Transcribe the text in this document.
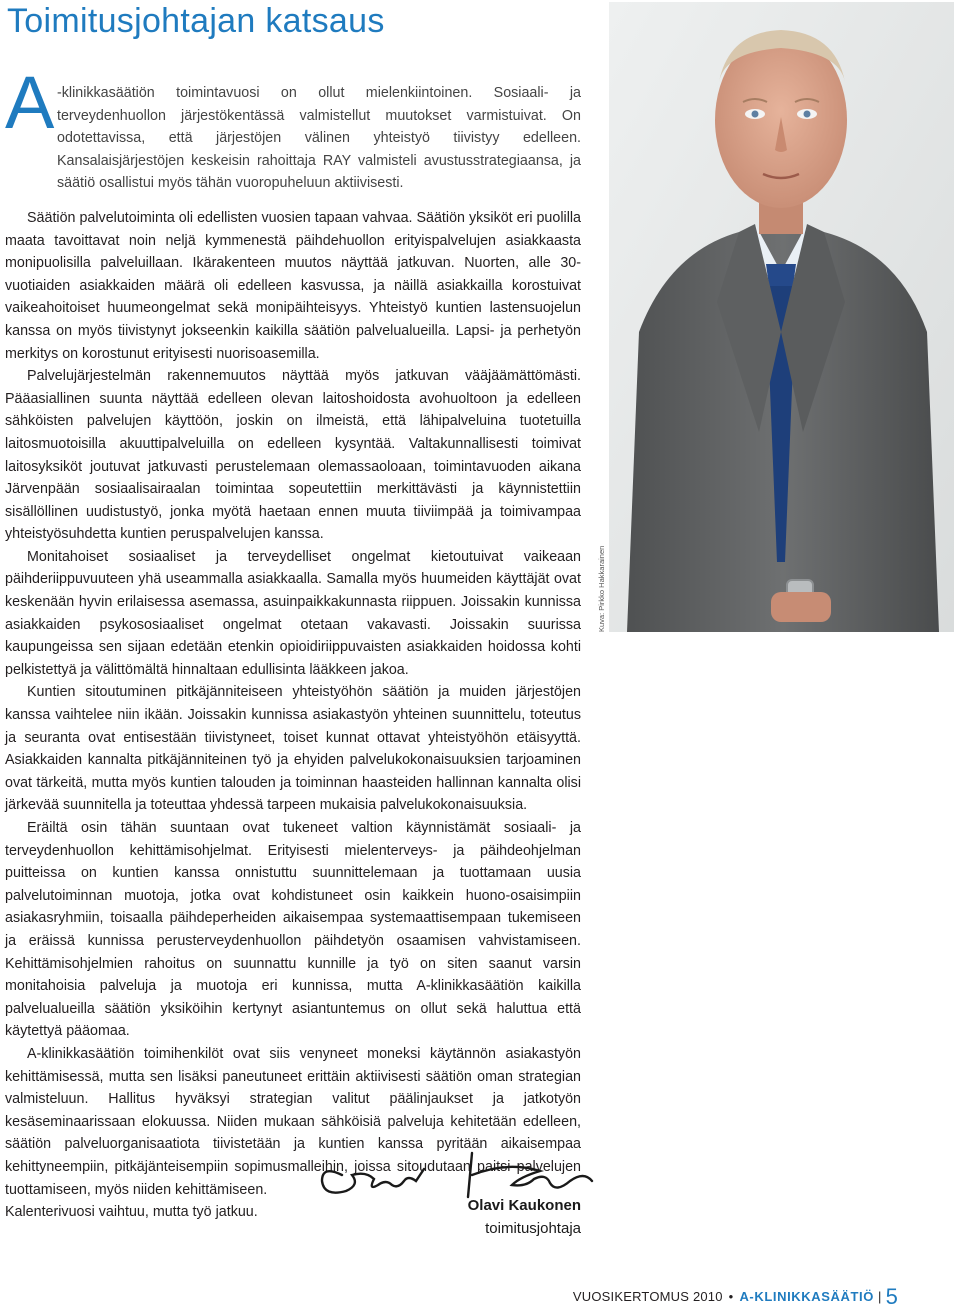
Toimitusjohtajan katsaus
A -klinikkasäätiön toimintavuosi on ollut mielenkiintoinen. Sosiaali- ja terveydenhuollon järjestökentässä valmistellut muutokset varmistuivat. On odotettavissa, että järjestöjen välinen yhteistyö tiivistyy edelleen. Kansalaisjärjestöjen keskeisin rahoittaja RAY valmisteli avustusstrategiaansa, ja säätiö osallistui myös tähän vuoropuheluun aktiivisesti.

Säätiön palvelutoiminta oli edellisten vuosien tapaan vahvaa. Säätiön yksiköt eri puolilla maata tavoittavat noin neljä kymmenestä päihdehuollon erityispalvelujen asiakkaasta monipuolisilla palveluillaan. Ikärakenteen muutos näyttää jatkuvan. Nuorten, alle 30-vuotiaiden asiakkaiden määrä oli edelleen kasvussa, ja näillä asiakkailla korostuivat vaikeahoitoiset huumeongelmat sekä monipäihteisyys. Yhteistyö kuntien lastensuojelun kanssa on myös tiivistynyt jokseenkin kaikilla säätiön palvelualueilla. Lapsi- ja perhetyön merkitys on korostunut erityisesti nuorisoasemilla.

Palvelujärjestelmän rakennemuutos näyttää myös jatkuvan vääjäämättömästi. Pääasiallinen suunta näyttää edelleen olevan laitoshoidosta avohuoltoon ja edelleen sähköisten palvelujen käyttöön, joskin on ilmeistä, että lähipalveluina tuotetuilla laitosmuotoisilla akuuttipalveluilla on edelleen kysyntää. Valtakunnallisesti toimivat laitosyksiköt joutuvat jatkuvasti perustelemaan olemassaoloaan, toimintavuoden aikana Järvenpään sosiaalisairaalan toimintaa sopeutettiin merkittävästi ja käynnistettiin sisällöllinen uudistustyö, jonka myötä haetaan ennen muuta tiiviimpää ja toimivampaa yhteistyösuhdetta kuntien peruspalvelujen kanssa.

Monitahoiset sosiaaliset ja terveydelliset ongelmat kietoutuivat vaikeaan päihderiippuvuuteen yhä useammalla asiakkaalla. Samalla myös huumeiden käyttäjät ovat keskenään hyvin erilaisessa asemassa, asuinpaikkakunnasta riippuen. Joissakin kunnissa asiakkaiden psykososiaaliset ongelmat otetaan vakavasti. Joissakin suurissa kaupungeissa sen sijaan edetään etenkin opioidiriippuvaisten asiakkaiden hoidossa kohti pelkistettyä ja välittömältä hinnaltaan edullisinta lääkkeen jakoa.

Kuntien sitoutuminen pitkäjänniteiseen yhteistyöhön säätiön ja muiden järjestöjen kanssa vaihtelee niin ikään. Joissakin kunnissa asiakastyön yhteinen suunnittelu, toteutus ja seuranta ovat entisestään tiivistyneet, toiset kunnat ottavat yhteistyöhön etäisyyttä. Asiakkaiden kannalta pitkäjänniteinen työ ja ehyiden palvelukokonaisuuksien tarjoaminen ovat tärkeitä, mutta myös kuntien talouden ja toiminnan haasteiden hallinnan kannalta olisi järkevää suunnitella ja toteuttaa yhdessä tarpeen mukaisia palvelukokonaisuuksia.

Eräiltä osin tähän suuntaan ovat tukeneet valtion käynnistämät sosiaali- ja terveydenhuollon kehittämisohjelmat. Erityisesti mielenterveys- ja päihdeohjelman puitteissa on kuntien kanssa onnistuttu suunnittelemaan ja tuottamaan uusia palvelutoiminnan muotoja, jotka ovat kohdistuneet osin kaikkein huono-osaisimpiin asiakasryhmiin, toisaalla päihdeperheiden aikaisempaa systemaattisempaan tukemiseen ja eräissä kunnissa perusterveydenhuollon päihdetyön osaamisen vahvistamiseen. Kehittämisohjelmien rahoitus on suunnattu kunnille ja työ on siten saanut varsin monitahoisia palveluja ja muotoja eri kunnissa, mutta A-klinikkasäätiön kaikilla palvelualueilla säätiön yksiköihin kertynyt asiantuntemus on ollut sekä haluttua että käytettyä pääomaa.

A-klinikkasäätiön toimihenkilöt ovat siis venyneet moneksi käytännön asiakastyön kehittämisessä, mutta sen lisäksi paneutuneet erittäin aktiivisesti säätiön oman strategian valmisteluun. Hallitus hyväksyi strategian valitut päälinjaukset ja jatkotyön kesäseminaarissaan elokuussa. Niiden mukaan sähköisiä palveluja kehitetään edelleen, säätiön palveluorganisaatiota tiivistetään ja kuntien kanssa pyritään aikaisempaa kehittyneempiin, pitkäjänteisempiin sopimusmalleihin, joissa sitoudutaan paitsi palvelujen tuottamiseen, myös niiden kehittämiseen.

Kalenterivuosi vaihtuu, mutta työ jatkuu.

Kuva: Pirkko Hakkarainen
Olavi Kaukonen
toimitusjohtaja
VUOSIKERTOMUS 2010 • A-KLINIKKASÄÄTIÖ | 5
